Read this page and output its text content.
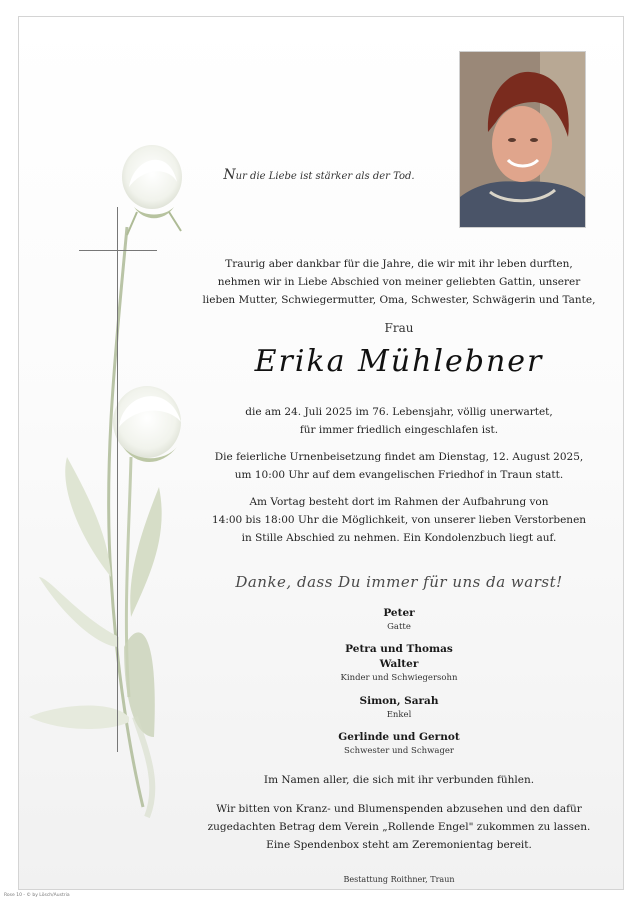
Nur die Liebe ist stärker als der Tod.
Traurig aber dankbar für die Jahre, die wir mit ihr leben durften,
nehmen wir in Liebe Abschied von meiner geliebten Gattin, unserer
lieben Mutter, Schwiegermutter, Oma, Schwester, Schwägerin und Tante,
Frau
Erika Mühlebner
die am 24. Juli 2025 im 76. Lebensjahr, völlig unerwartet,
für immer friedlich eingeschlafen ist.
Die feierliche Urnenbeisetzung findet am Dienstag, 12. August 2025,
um 10:00 Uhr auf dem evangelischen Friedhof in Traun statt.
Am Vortag besteht dort im Rahmen der Aufbahrung von
14:00 bis 18:00 Uhr die Möglichkeit, von unserer lieben Verstorbenen
in Stille Abschied zu nehmen. Ein Kondolenzbuch liegt auf.
Danke, dass Du immer für uns da warst!
Peter
Gatte
Petra und Thomas
Walter
Kinder und Schwiegersohn
Simon, Sarah
Enkel
Gerlinde und Gernot
Schwester und Schwager
Im Namen aller, die sich mit ihr verbunden fühlen.
Wir bitten von Kranz- und Blumenspenden abzusehen und den dafür
zugedachten Betrag dem Verein „Rollende Engel" zukommen zu lassen.
Eine Spendenbox steht am Zeremonientag bereit.
Bestattung Roithner, Traun
Rose 10 - © by Lösch/Austria
